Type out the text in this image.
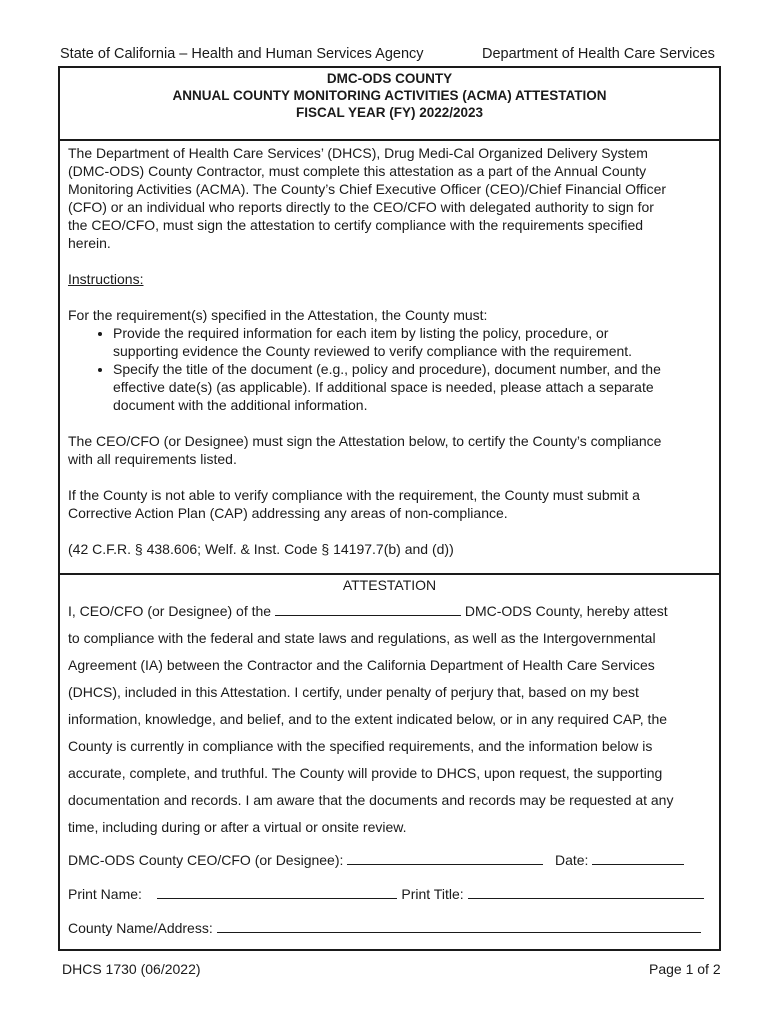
State of California – Health and Human Services Agency	Department of Health Care Services
DMC-ODS COUNTY
ANNUAL COUNTY MONITORING ACTIVITIES (ACMA) ATTESTATION
FISCAL YEAR (FY) 2022/2023

The Department of Health Care Services’ (DHCS), Drug Medi-Cal Organized Delivery System
(DMC-ODS) County Contractor, must complete this attestation as a part of the Annual County
Monitoring Activities (ACMA). The County’s Chief Executive Officer (CEO)/Chief Financial Officer
(CFO) or an individual who reports directly to the CEO/CFO with delegated authority to sign for
the CEO/CFO, must sign the attestation to certify compliance with the requirements specified
herein.

Instructions:

For the requirement(s) specified in the Attestation, the County must:

• Provide the required information for each item by listing the policy, procedure, or
supporting evidence the County reviewed to verify compliance with the requirement.
• Specify the title of the document (e.g., policy and procedure), document number, and the
effective date(s) (as applicable). If additional space is needed, please attach a separate
document with the additional information.

The CEO/CFO (or Designee) must sign the Attestation below, to certify the County’s compliance
with all requirements listed.

If the County is not able to verify compliance with the requirement, the County must submit a
Corrective Action Plan (CAP) addressing any areas of non-compliance.

(42 C.F.R. § 438.606; Welf. & Inst. Code § 14197.7(b) and (d))

ATTESTATION

I, CEO/CFO (or Designee) of the	DMC-ODS County, hereby attest

to compliance with the federal and state laws and regulations, as well as the Intergovernmental

Agreement (IA) between the Contractor and the California Department of Health Care Services

(DHCS), included in this Attestation. I certify, under penalty of perjury that, based on my best

information, knowledge, and belief, and to the extent indicated below, or in any required CAP, the

County is currently in compliance with the specified requirements, and the information below is

accurate, complete, and truthful. The County will provide to DHCS, upon request, the supporting

documentation and records. I am aware that the documents and records may be requested at any

time, including during or after a virtual or onsite review.

DMC-ODS County CEO/CFO (or Designee):	Date:
Print Name:	Print Title:
County Name/Address:
DHCS 1730 (06/2022)	Page 1 of 2
